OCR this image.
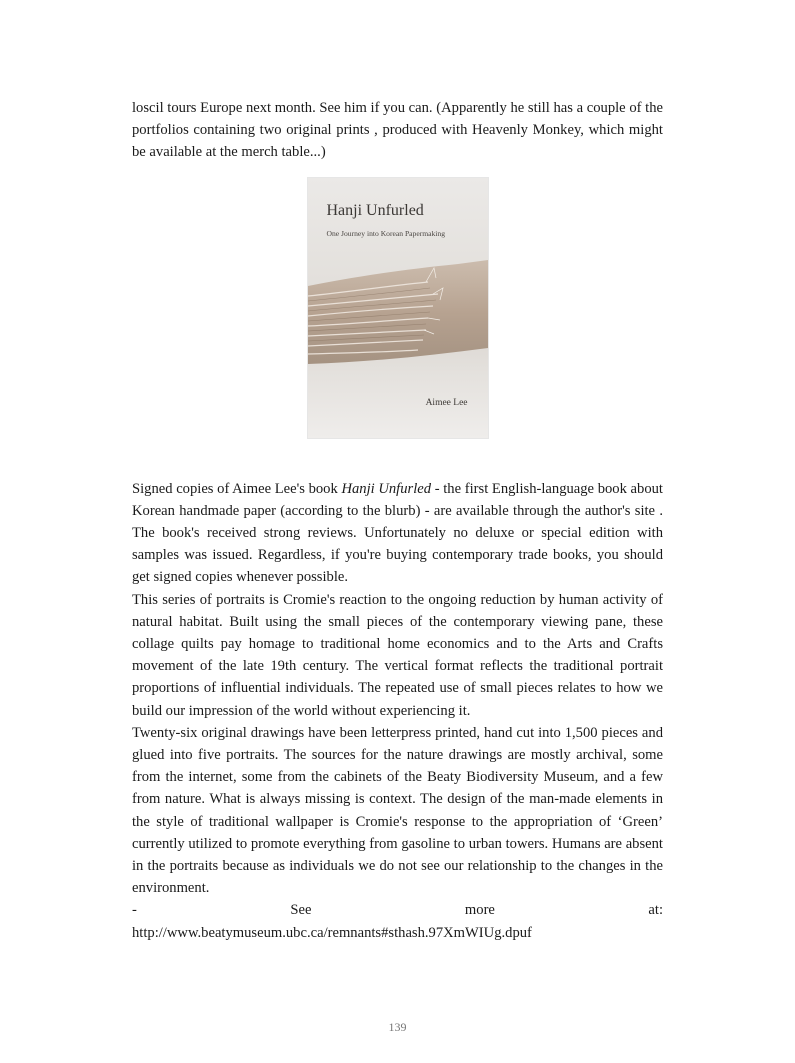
loscil tours Europe next month. See him if you can. (Apparently he still has a couple of the portfolios containing two original prints , produced with Heavenly Monkey, which might be available at the merch table...)

Hanji Unfurled
One Journey into Korean Papermaking
Aimee Lee

Signed copies of Aimee Lee's book Hanji Unfurled - the first English-language book about Korean handmade paper (according to the blurb) - are available through the author's site . The book's received strong reviews. Unfortunately no deluxe or special edition with samples was issued. Regardless, if you're buying contemporary trade books, you should get signed copies whenever possible.

This series of portraits is Cromie's reaction to the ongoing reduction by human activity of natural habitat. Built using the small pieces of the contemporary viewing pane, these collage quilts pay homage to traditional home economics and to the Arts and Crafts movement of the late 19th century. The vertical format reflects the traditional portrait proportions of influential individuals. The repeated use of small pieces relates to how we build our impression of the world without experiencing it.

Twenty-six original drawings have been letterpress printed, hand cut into 1,500 pieces and glued into five portraits. The sources for the nature drawings are mostly archival, some from the internet, some from the cabinets of the Beaty Biodiversity Museum, and a few from nature. What is always missing is context. The design of the man-made elements in the style of traditional wallpaper is Cromie's response to the appropriation of ‘Green’ currently utilized to promote everything from gasoline to urban towers. Humans are absent in the portraits because as individuals we do not see our relationship to the changes in the environment.

-	See	more	at:
http://www.beatymuseum.ubc.ca/remnants#sthash.97XmWIUg.dpuf
139
